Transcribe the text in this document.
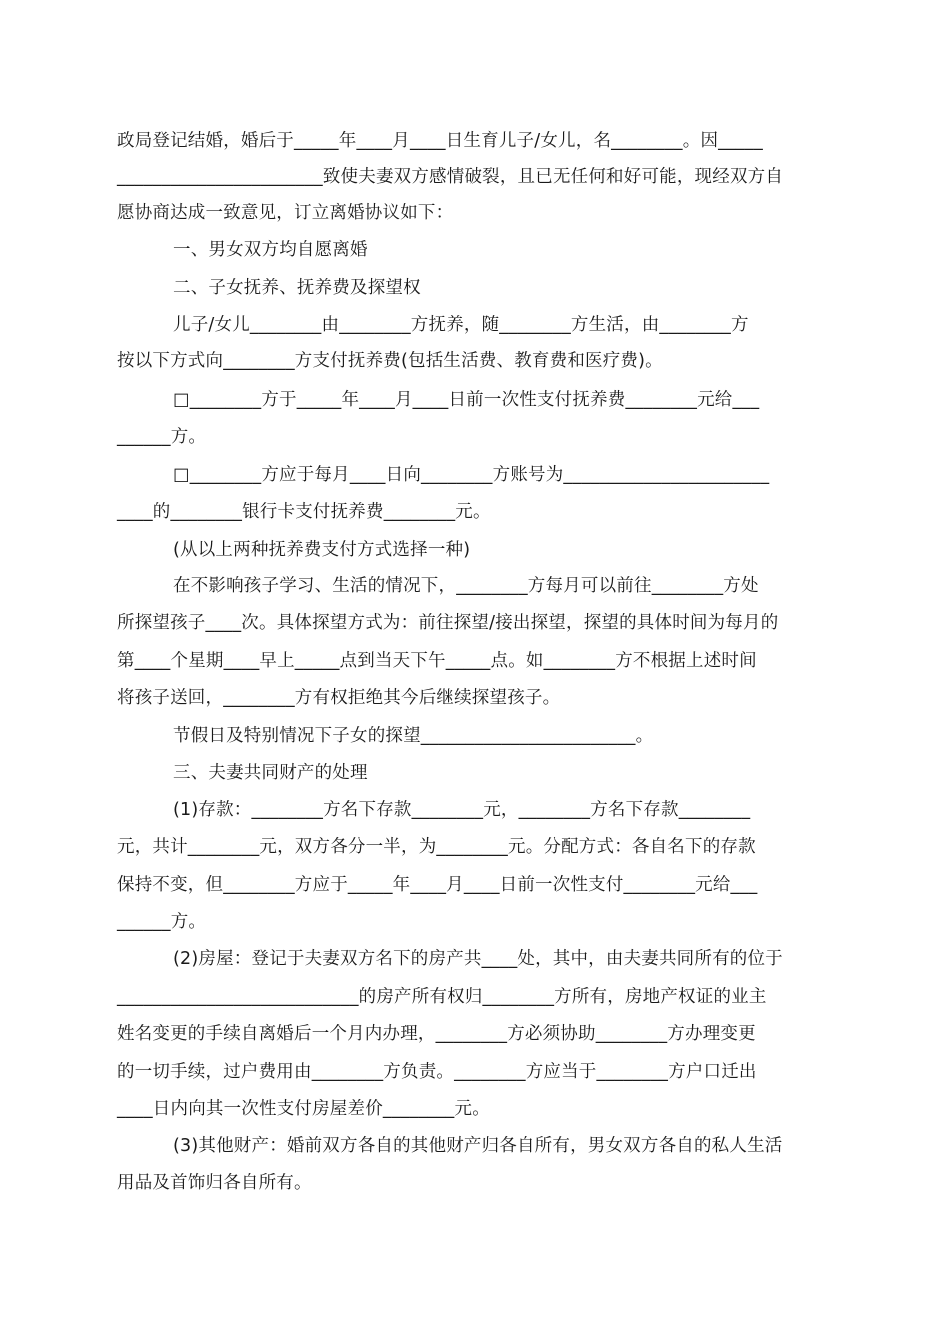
政局登记结婚，婚后于_____年____月____日生育儿子/女儿，名________。因_____
_______________________致使夫妻双方感情破裂，且已无任何和好可能，现经双方自
愿协商达成一致意见，订立离婚协议如下：
一、男女双方均自愿离婚
二、子女抚养、抚养费及探望权
儿子/女儿________由________方抚养，随________方生活，由________方
按以下方式向________方支付抚养费(包括生活费、教育费和医疗费)。
□________方于_____年____月____日前一次性支付抚养费________元给___
______方。
□________方应于每月____日向________方账号为_______________________
____的________银行卡支付抚养费________元。
(从以上两种抚养费支付方式选择一种)
在不影响孩子学习、生活的情况下，________方每月可以前往________方处
所探望孩子____次。具体探望方式为：前往探望/接出探望，探望的具体时间为每月的
第____个星期____早上_____点到当天下午_____点。如________方不根据上述时间
将孩子送回，________方有权拒绝其今后继续探望孩子。
节假日及特别情况下子女的探望________________________。
三、夫妻共同财产的处理
(1)存款：________方名下存款________元，________方名下存款________
元，共计________元，双方各分一半，为________元。分配方式：各自名下的存款
保持不变，但________方应于_____年____月____日前一次性支付________元给___
______方。
(2)房屋：登记于夫妻双方名下的房产共____处，其中，由夫妻共同所有的位于
___________________________的房产所有权归________方所有，房地产权证的业主
姓名变更的手续自离婚后一个月内办理，________方必须协助________方办理变更
的一切手续，过户费用由________方负责。________方应当于________方户口迁出
____日内向其一次性支付房屋差价________元。
(3)其他财产：婚前双方各自的其他财产归各自所有，男女双方各自的私人生活
用品及首饰归各自所有。
